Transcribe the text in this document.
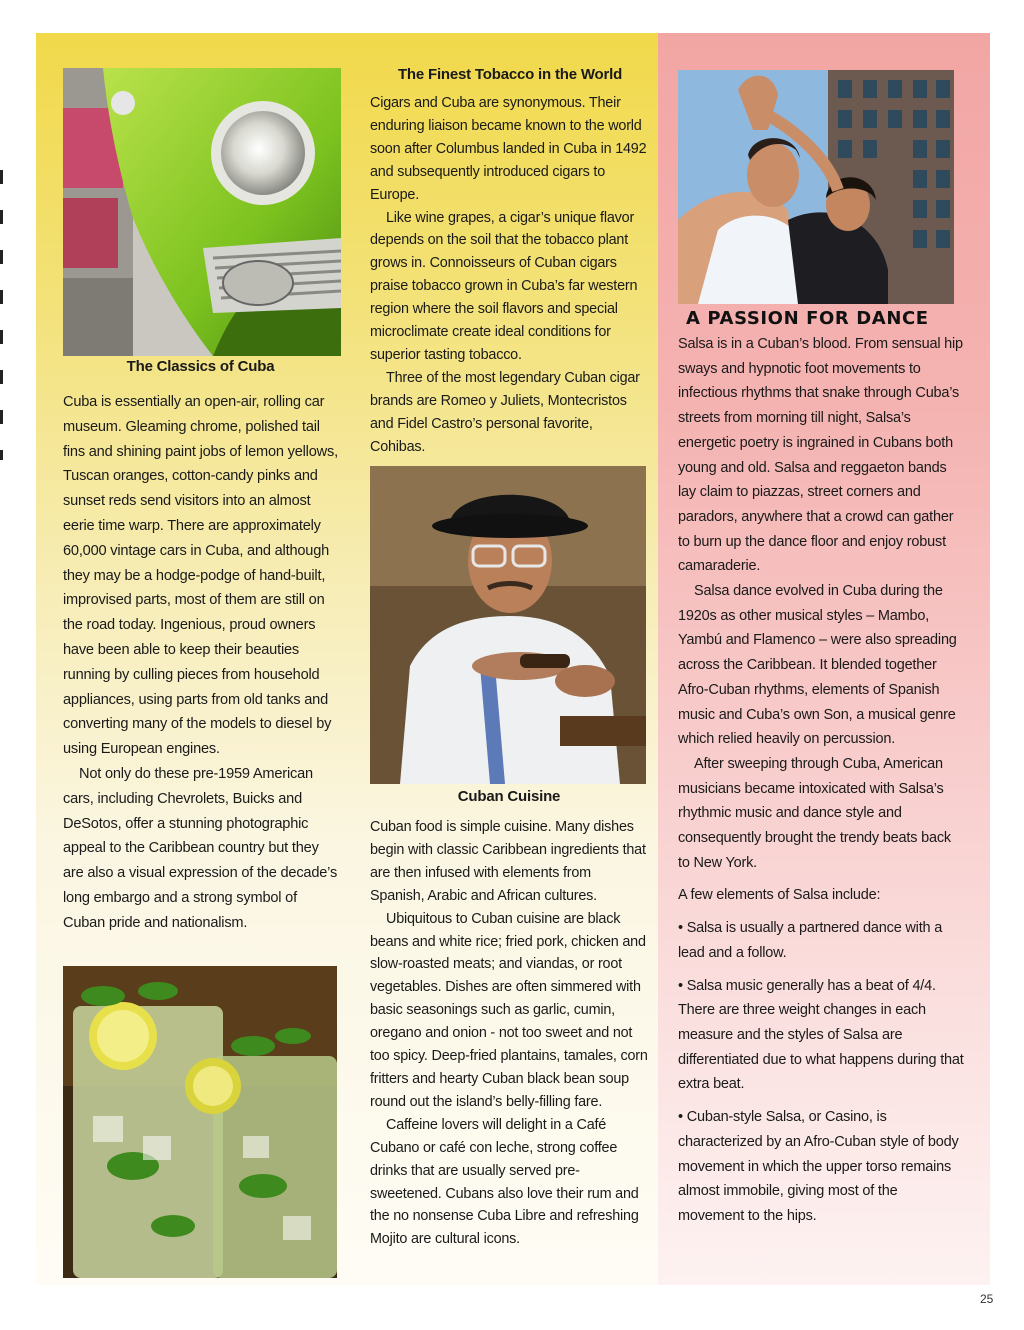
The Classics of Cuba

Cuba is essentially an open-air, rolling car museum. Gleaming chrome, polished tail fins and shining paint jobs of lemon yellows, Tuscan oranges, cotton-candy pinks and sunset reds send visitors into an almost eerie time warp. There are approximately 60,000 vintage cars in Cuba, and although they may be a hodge-podge of hand-built, improvised parts, most of them are still on the road today. Ingenious, proud owners have been able to keep their beauties running by culling pieces from household appliances, using parts from old tanks and converting many of the models to diesel by using European engines.

Not only do these pre-1959 American cars, including Chevrolets, Buicks and DeSotos, offer a stunning photographic appeal to the Caribbean country but they are also a visual expression of the decade’s long embargo and a strong symbol of Cuban pride and nationalism.

The Finest Tobacco in the World

Cigars and Cuba are synonymous. Their enduring liaison became known to the world soon after Columbus landed in Cuba in 1492 and subsequently introduced cigars to Europe.

Like wine grapes, a cigar’s unique flavor depends on the soil that the tobacco plant grows in. Connoisseurs of Cuban cigars praise tobacco grown in Cuba’s far western region where the soil flavors and special microclimate create ideal conditions for superior tasting tobacco.

Three of the most legendary Cuban cigar brands are Romeo y Juliets, Montecristos and Fidel Castro’s personal favorite, Cohibas.

Cuban Cuisine

Cuban food is simple cuisine. Many dishes begin with classic Caribbean ingredients that are then infused with elements from Spanish, Arabic and African cultures.

Ubiquitous to Cuban cuisine are black beans and white rice; fried pork, chicken and slow-roasted meats; and viandas, or root vegetables. Dishes are often simmered with basic seasonings such as garlic, cumin, oregano and onion - not too sweet and not too spicy. Deep-fried plantains, tamales, corn fritters and hearty Cuban black bean soup round out the island’s belly-filling fare.

Caffeine lovers will delight in a Café Cubano or café con leche, strong coffee drinks that are usually served pre-sweetened. Cubans also love their rum and the no nonsense Cuba Libre and refreshing Mojito are cultural icons.

A PASSION FOR DANCE

Salsa is in a Cuban’s blood. From sensual hip sways and hypnotic foot movements to infectious rhythms that snake through Cuba’s streets from morning till night, Salsa’s energetic poetry is ingrained in Cubans both young and old. Salsa and reggaeton bands lay claim to piazzas, street corners and paradors, anywhere that a crowd can gather to burn up the dance floor and enjoy robust camaraderie.

Salsa dance evolved in Cuba during the 1920s as other musical styles – Mambo, Yambú and Flamenco – were also spreading across the Caribbean. It blended together Afro-Cuban rhythms, elements of Spanish music and Cuba’s own Son, a musical genre which relied heavily on percussion.

After sweeping through Cuba, American musicians became intoxicated with Salsa’s rhythmic music and dance style and consequently brought the trendy beats back to New York.

A few elements of Salsa include:

• Salsa is usually a partnered dance with a lead and a follow.

• Salsa music generally has a beat of 4/4. There are three weight changes in each measure and the styles of Salsa are differentiated due to what happens during that extra beat.

• Cuban-style Salsa, or Casino, is characterized by an Afro-Cuban style of body movement in which the upper torso remains almost immobile, giving most of the movement to the hips.

25
